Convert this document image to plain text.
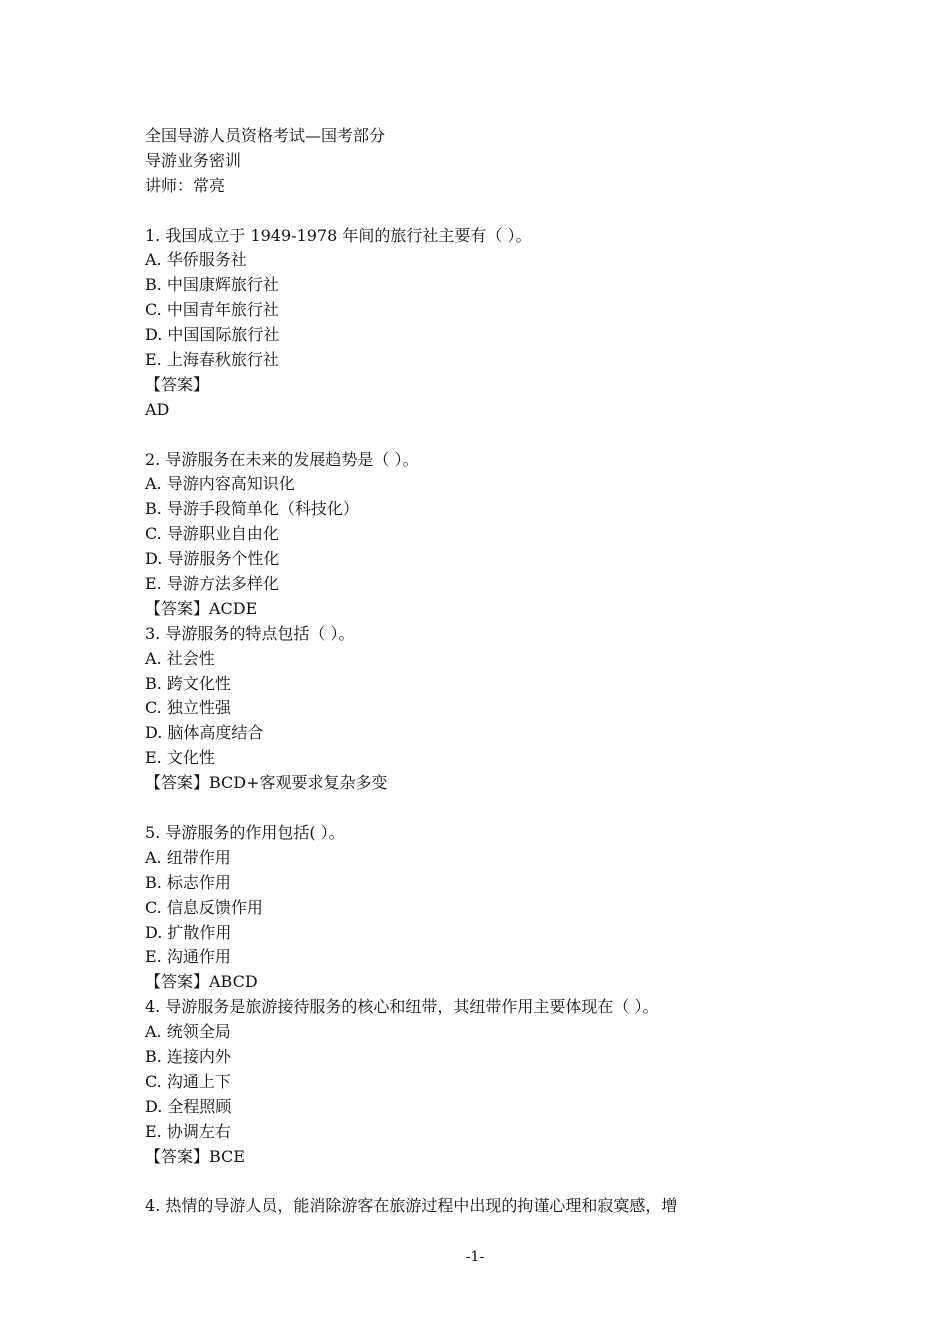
全国导游人员资格考试—国考部分
导游业务密训
讲师：常亮
1. 我国成立于 1949-1978 年间的旅行社主要有（ ）。
A. 华侨服务社
B. 中国康辉旅行社
C. 中国青年旅行社
D. 中国国际旅行社
E. 上海春秋旅行社
【答案】
AD
2. 导游服务在未来的发展趋势是（ ）。
A. 导游内容高知识化
B. 导游手段简单化（科技化）
C. 导游职业自由化
D. 导游服务个性化
E. 导游方法多样化
【答案】ACDE
3. 导游服务的特点包括（ ）。
A. 社会性
B. 跨文化性
C. 独立性强
D. 脑体高度结合
E. 文化性
【答案】BCD+客观要求复杂多变
5. 导游服务的作用包括( ）。
A. 纽带作用
B. 标志作用
C. 信息反馈作用
D. 扩散作用
E. 沟通作用
【答案】ABCD
4. 导游服务是旅游接待服务的核心和纽带，其纽带作用主要体现在（ ）。
A. 统领全局
B. 连接内外
C. 沟通上下
D. 全程照顾
E. 协调左右
【答案】BCE
4. 热情的导游人员，能消除游客在旅游过程中出现的拘谨心理和寂寞感，增
-1-
